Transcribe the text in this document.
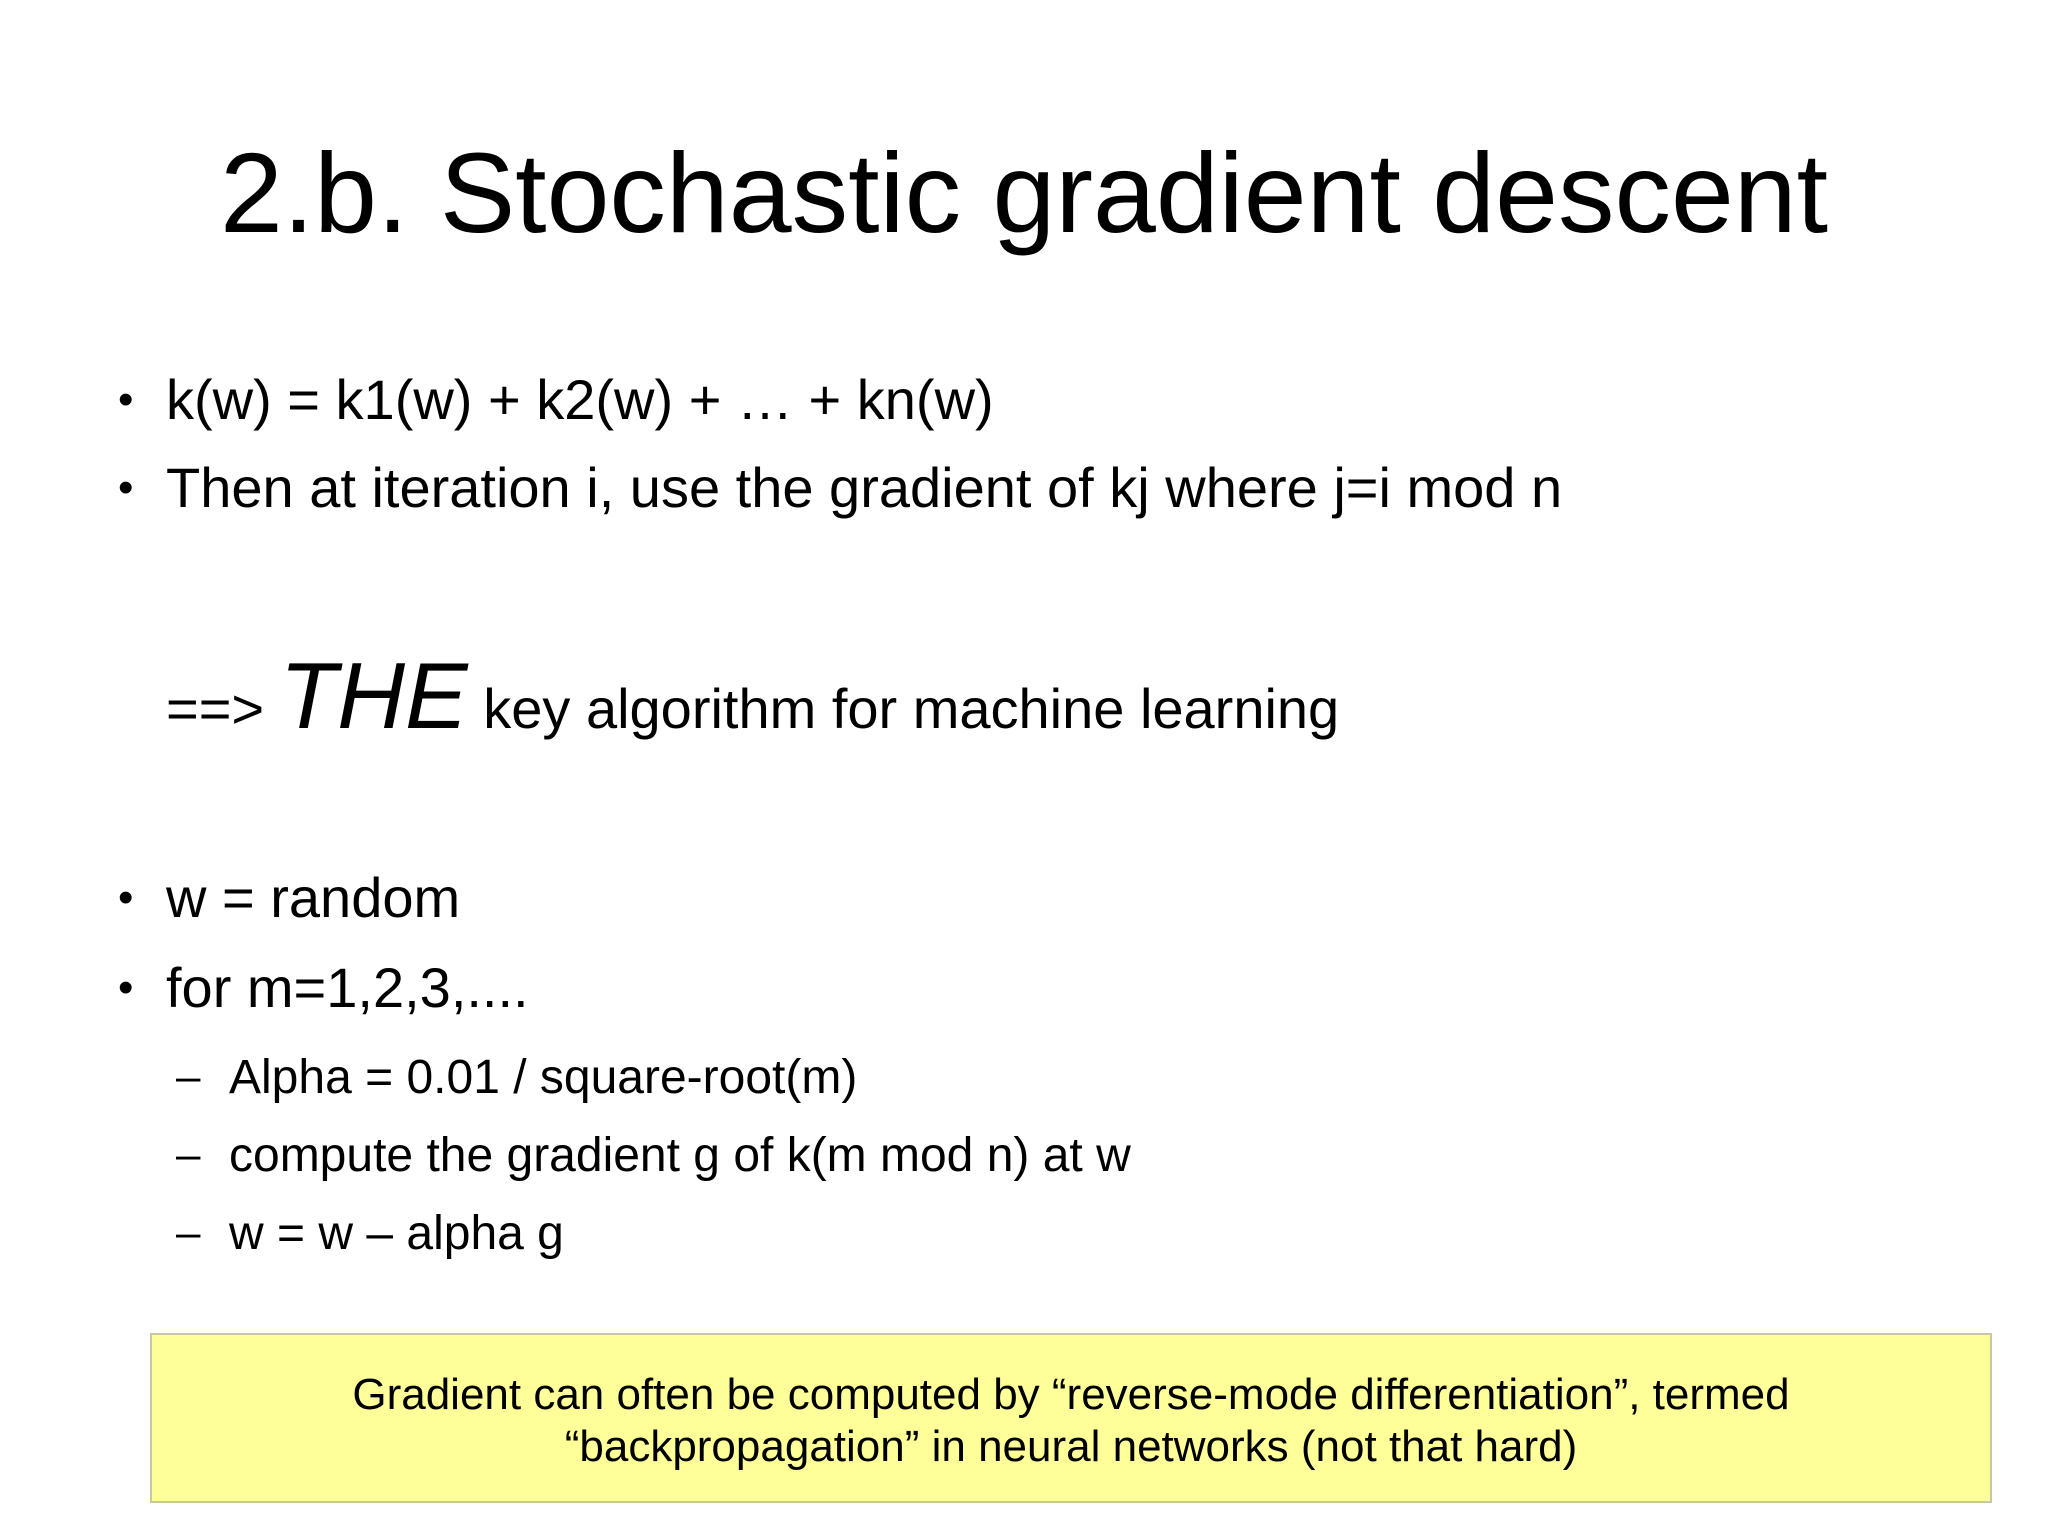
2.b. Stochastic gradient descent
• k(w) = k1(w) + k2(w) + … + kn(w)
• Then at iteration i, use the gradient of kj where j=i mod n
==> THE key algorithm for machine learning
• w = random
• for m=1,2,3,....
– Alpha = 0.01 / square-root(m)
– compute the gradient g of k(m mod n) at w
– w = w – alpha g
Gradient can often be computed by “reverse-mode differentiation”, termed
“backpropagation” in neural networks (not that hard)
